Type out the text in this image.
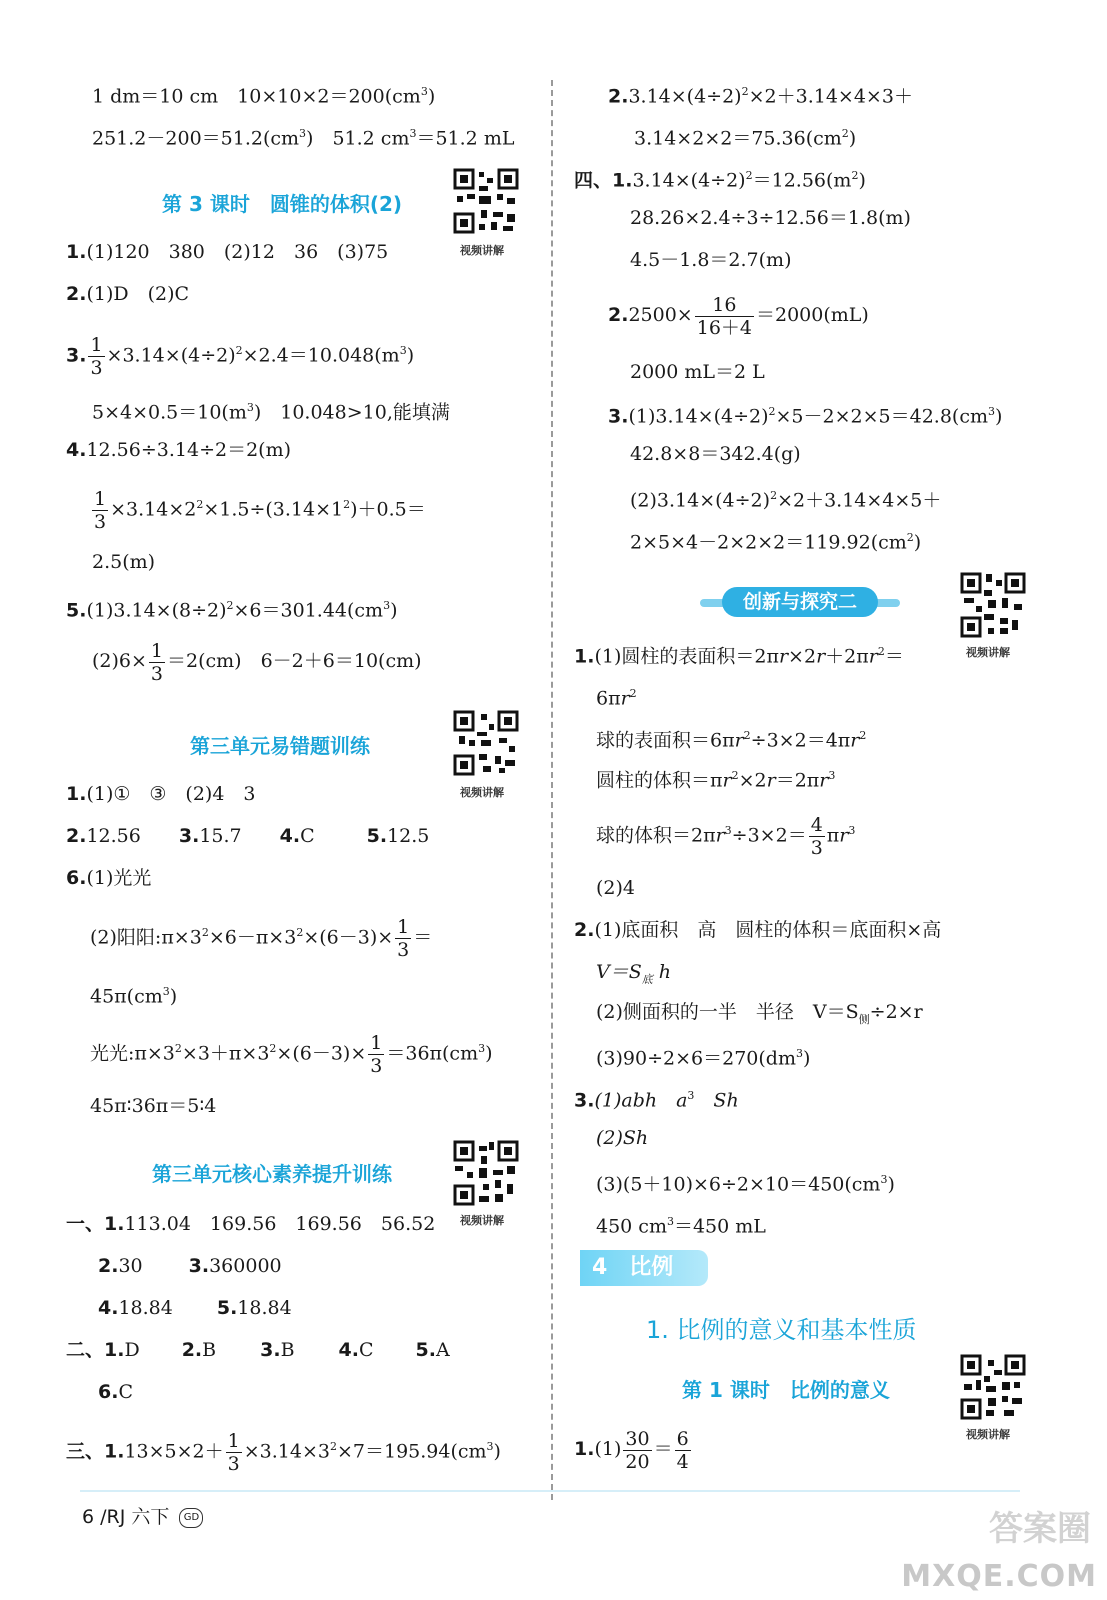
1 dm＝10 cm　$10\times 10\times 2=200(cm^3)$
$251.2-200=51.2(cm^3)$　51.2 $cm^3=51.2$ mL
第 3 课时　圆锥的体积(2)
视频讲解
1.(1)120　380　(2)12　36　(3)75
2.(1)D　(2)C
3. $\frac{1}{3} \times 3.14\times(4\div 2)^2\times 2.4=10.048(m^3)$
$5\times 4\times 0.5=10(m^3)$　10.048>10,能填满
4.12.56÷3.14÷2＝2(m)
$\frac{1}{3} \times 3.14\times 2^2\times 1.5\div(3.14\times 1^2)+0.5=$
2.5(m)
$5.(1)3.14\times(8\div 2)^2\times 6=301.44(cm^3)$
$(2)6\times \frac{1}{3} =2(cm)$　6－2＋6＝10(cm)
第三单元易错题训练
视频讲解
1.(1)①　③　(2)4　3
2.12.56 3.15.7 4.C	5.12.5
6.(1)光光
(2)阳阳$:\pi\times 3^2\times 6-\pi\times 3^2\times(6-3)\times \frac{1}{3}$ ＝
$45\pi(cm^3)$
光光$:\pi\times 3^2\times 3+\pi\times 3^2\times(6-3)\times \frac{1}{3} =36\pi(cm^3)$
45π∶36π＝5∶4
第三单元核心素养提升训练
视频讲解
一、1.113.04　169.56　169.56　56.52
2.30 3.360000
4.18.84 5.18.84
二、1.D 2.B 3.B 4.C 5.A
6.C
三、$1.13\times 5\times 2+ \frac{1}{3} \times 3.14\times 3^2\times 7=195.94(cm^3)$
$2.3.14\times(4\div 2)^2\times 2+3.14\times 4\times 3+$
$3.14\times 2\times 2=75.36(cm^2)$
四、$1.3.14\times(4\div 2)^2=12.56(m^2)$
28.26×2.4÷3÷12.56＝1.8(m)
4.5－1.8＝2.7(m)
$2.2500\times \frac{16}{16+4} =2000(mL)$
2000 mL＝2 L
$3.(1)3.14\times(4\div 2)^2\times 5-2\times 2\times 5=42.8(cm^3)$
42.8×8＝342.4(g)
$(2)3.14\times(4\div 2)^2\times 2+3.14\times 4\times 5+$
$2\times 5\times 4-2\times 2\times 2=119.92(cm^2)$
创新与探究二
视频讲解
1.(1)圆柱的表面积$=2\pi r\times 2r+2\pi r^2=$
$6\pi r^2$
球的表面积$=6\pi r^2\div 3\times 2=4\pi r^2$
圆柱的体积$=\pi r^2\times 2r=2\pi r^3$
球的体积$=2\pi r^3\div 3\times 2= \frac{4}{3} \pi r^3$
(2)4
2.(1)底面积　高　圆柱的体积＝底面积×高
$V=S_底$ h
(2)侧面积的一半　半径　$V=S_侧\div 2\times r$
$(3)90\div 2\times 6=270(dm^3)$
3.(1)abh　$a^3$　Sh
(2)Sh
$(3)(5+10)\times 6\div 2\times 10=450(cm^3)$
450 $cm^3=450$ mL
4　比例
1. 比例的意义和基本性质
第 1 课时　比例的意义
视频讲解
$1.(1) \frac{30}{20} = \frac{6}{4}$
6 /RJ 六下 GD	答案圈
MXQE.COM
